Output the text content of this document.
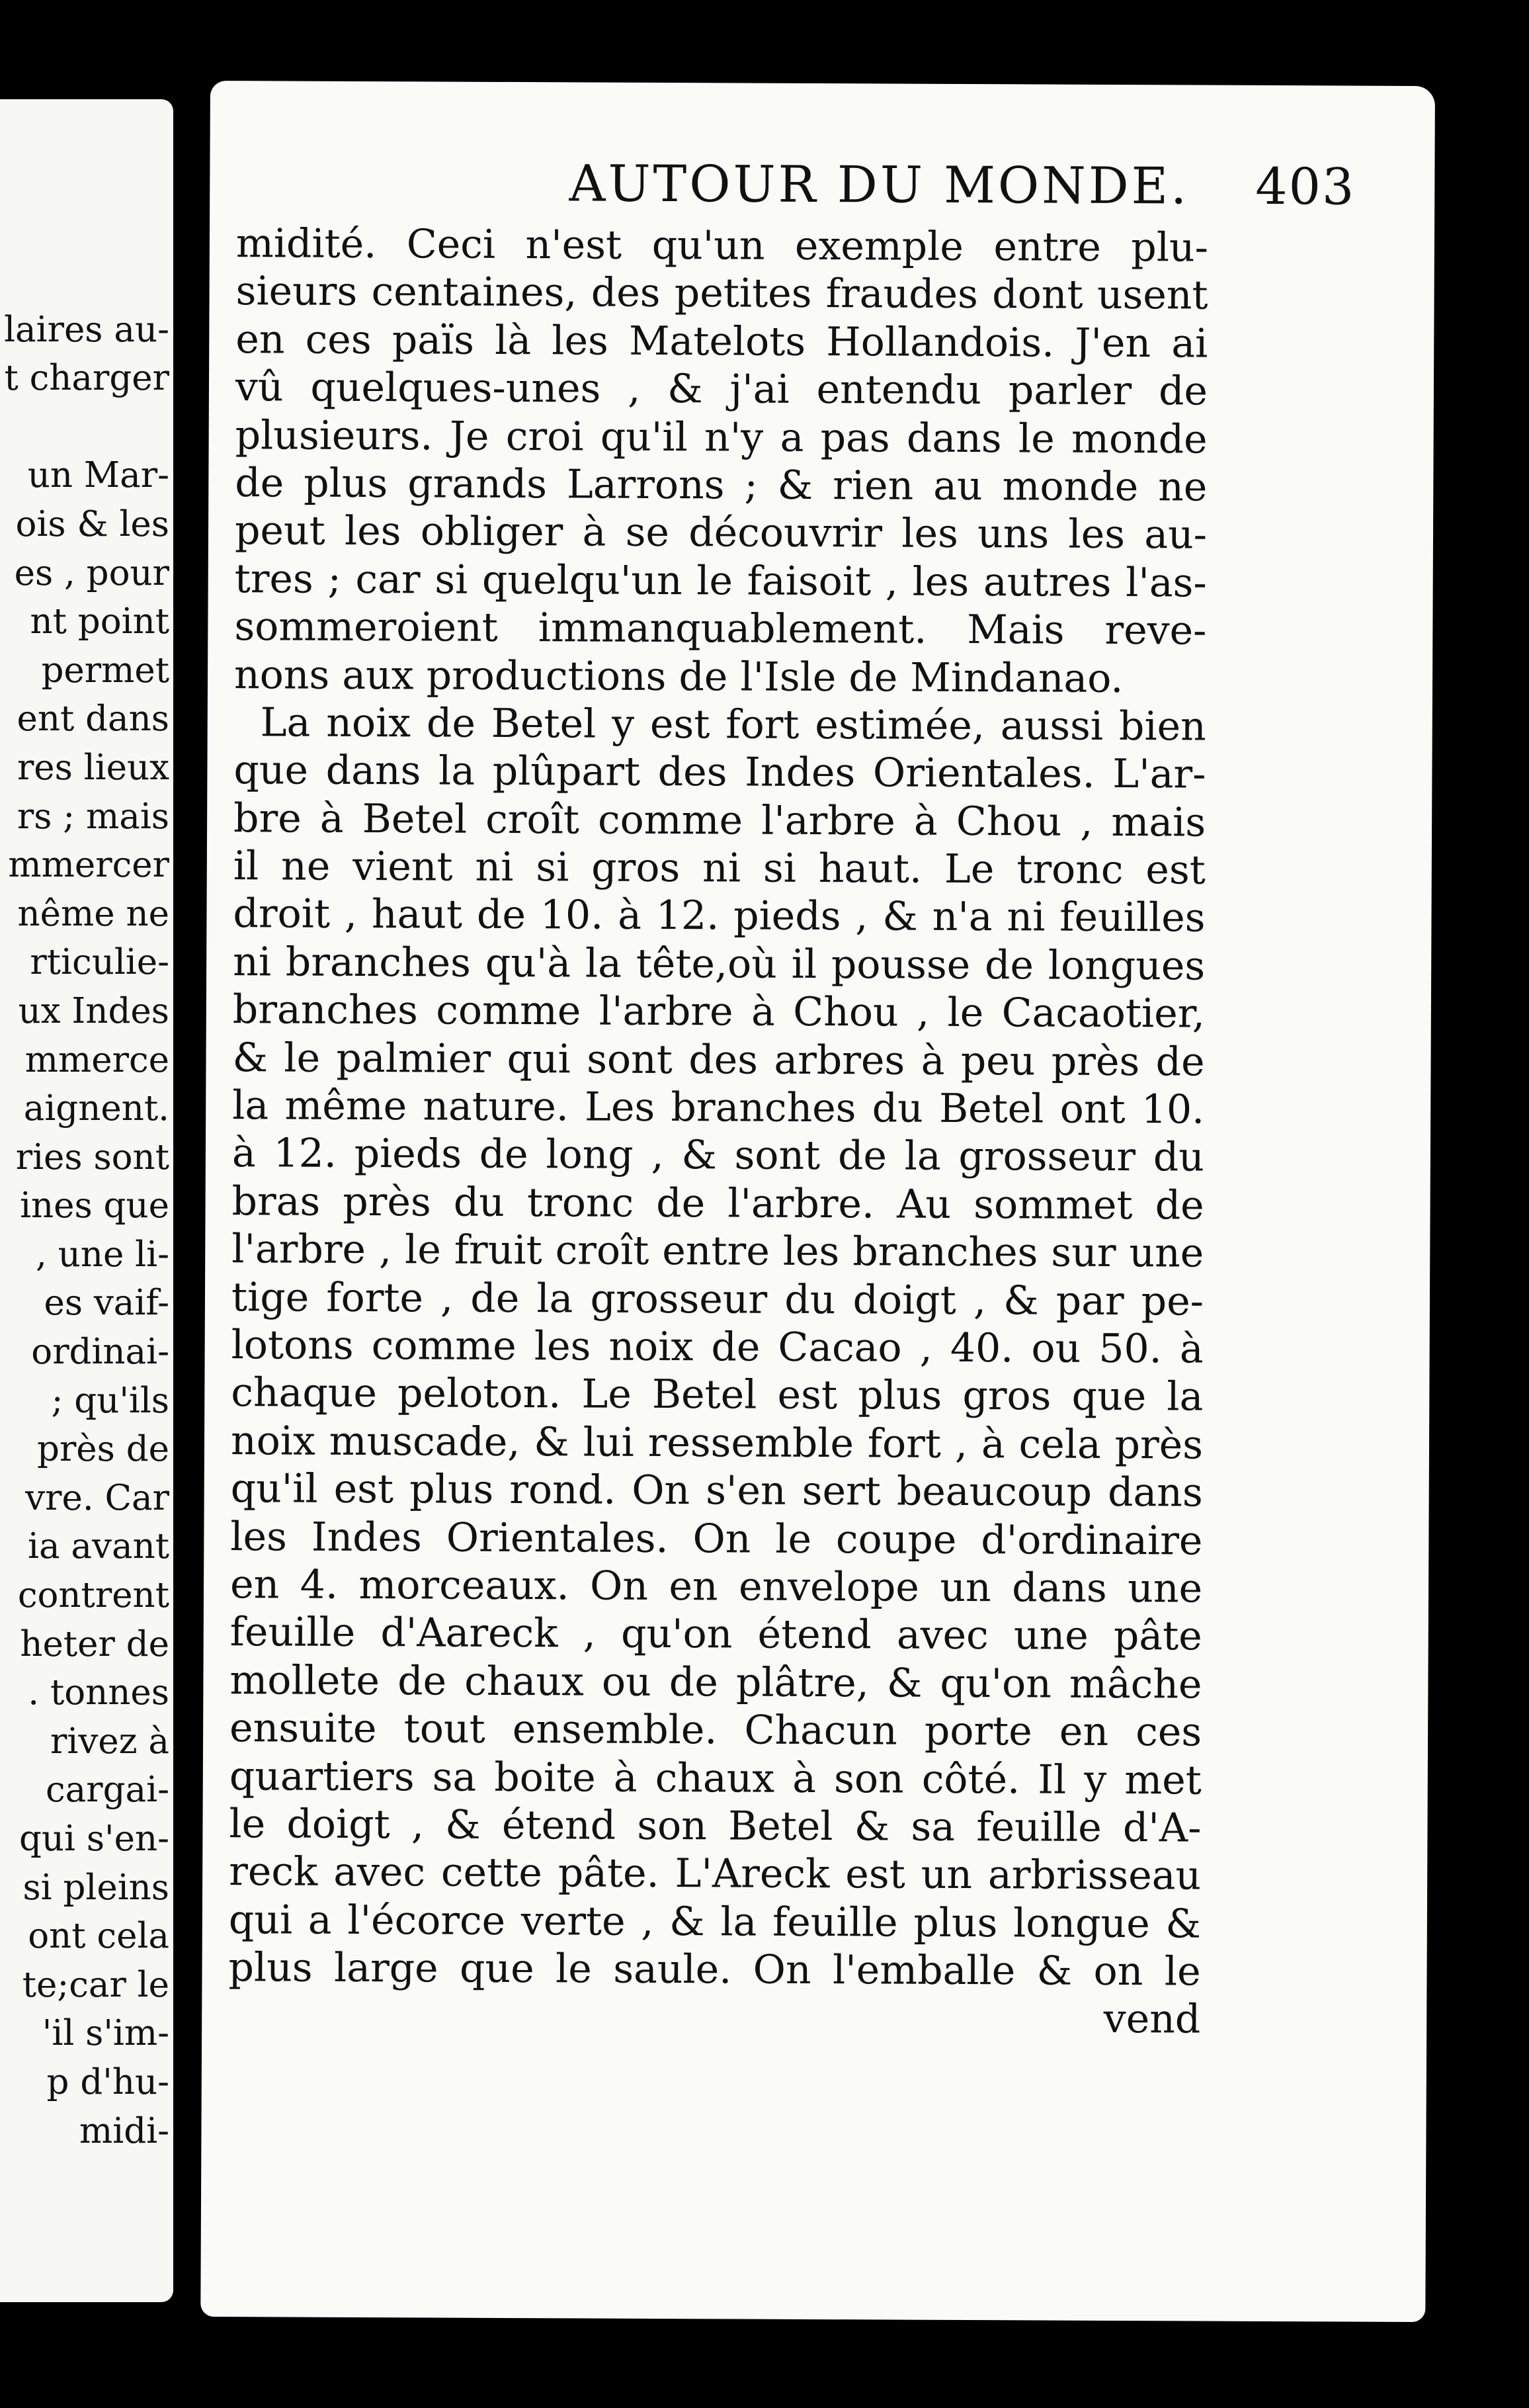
laires au-
t charger
un Mar-
ois & les
es , pour
nt point
permet
ent dans
res lieux
rs ; mais
mmercer
nême ne
rticulie-
ux Indes
mmerce
aignent.
ries sont
ines que
, une li-
es vaif-
ordinai-
; qu'ils
près de
vre. Car
ia avant
contrent
heter de
. tonnes
rivez à
cargai-
qui s'en-
si pleins
ont cela
te;car le
'il s'im-
p d'hu-
midi-
AUTOUR DU MONDE. 403
midité. Ceci n'est qu'un exemple entre plu-
sieurs centaines, des petites fraudes dont usent
en ces païs là les Matelots Hollandois. J'en ai
vû quelques-unes , & j'ai entendu parler de
plusieurs. Je croi qu'il n'y a pas dans le monde
de plus grands Larrons ; & rien au monde ne
peut les obliger à se découvrir les uns les au-
tres ; car si quelqu'un le faisoit , les autres l'as-
sommeroient immanquablement. Mais reve-
nons aux productions de l'Isle de Mindanao.
La noix de Betel y est fort estimée, aussi bien
que dans la plûpart des Indes Orientales. L'ar-
bre à Betel croît comme l'arbre à Chou , mais
il ne vient ni si gros ni si haut. Le tronc est
droit , haut de 10. à 12. pieds , & n'a ni feuilles
ni branches qu'à la tête,où il pousse de longues
branches comme l'arbre à Chou , le Cacaotier,
& le palmier qui sont des arbres à peu près de
la même nature. Les branches du Betel ont 10.
à 12. pieds de long , & sont de la grosseur du
bras près du tronc de l'arbre. Au sommet de
l'arbre , le fruit croît entre les branches sur une
tige forte , de la grosseur du doigt , & par pe-
lotons comme les noix de Cacao , 40. ou 50. à
chaque peloton. Le Betel est plus gros que la
noix muscade, & lui ressemble fort , à cela près
qu'il est plus rond. On s'en sert beaucoup dans
les Indes Orientales. On le coupe d'ordinaire
en 4. morceaux. On en envelope un dans une
feuille d'Aareck , qu'on étend avec une pâte
mollete de chaux ou de plâtre, & qu'on mâche
ensuite tout ensemble. Chacun porte en ces
quartiers sa boite à chaux à son côté. Il y met
le doigt , & étend son Betel & sa feuille d'A-
reck avec cette pâte. L'Areck est un arbrisseau
qui a l'écorce verte , & la feuille plus longue &
plus large que le saule. On l'emballe & on le
vend
